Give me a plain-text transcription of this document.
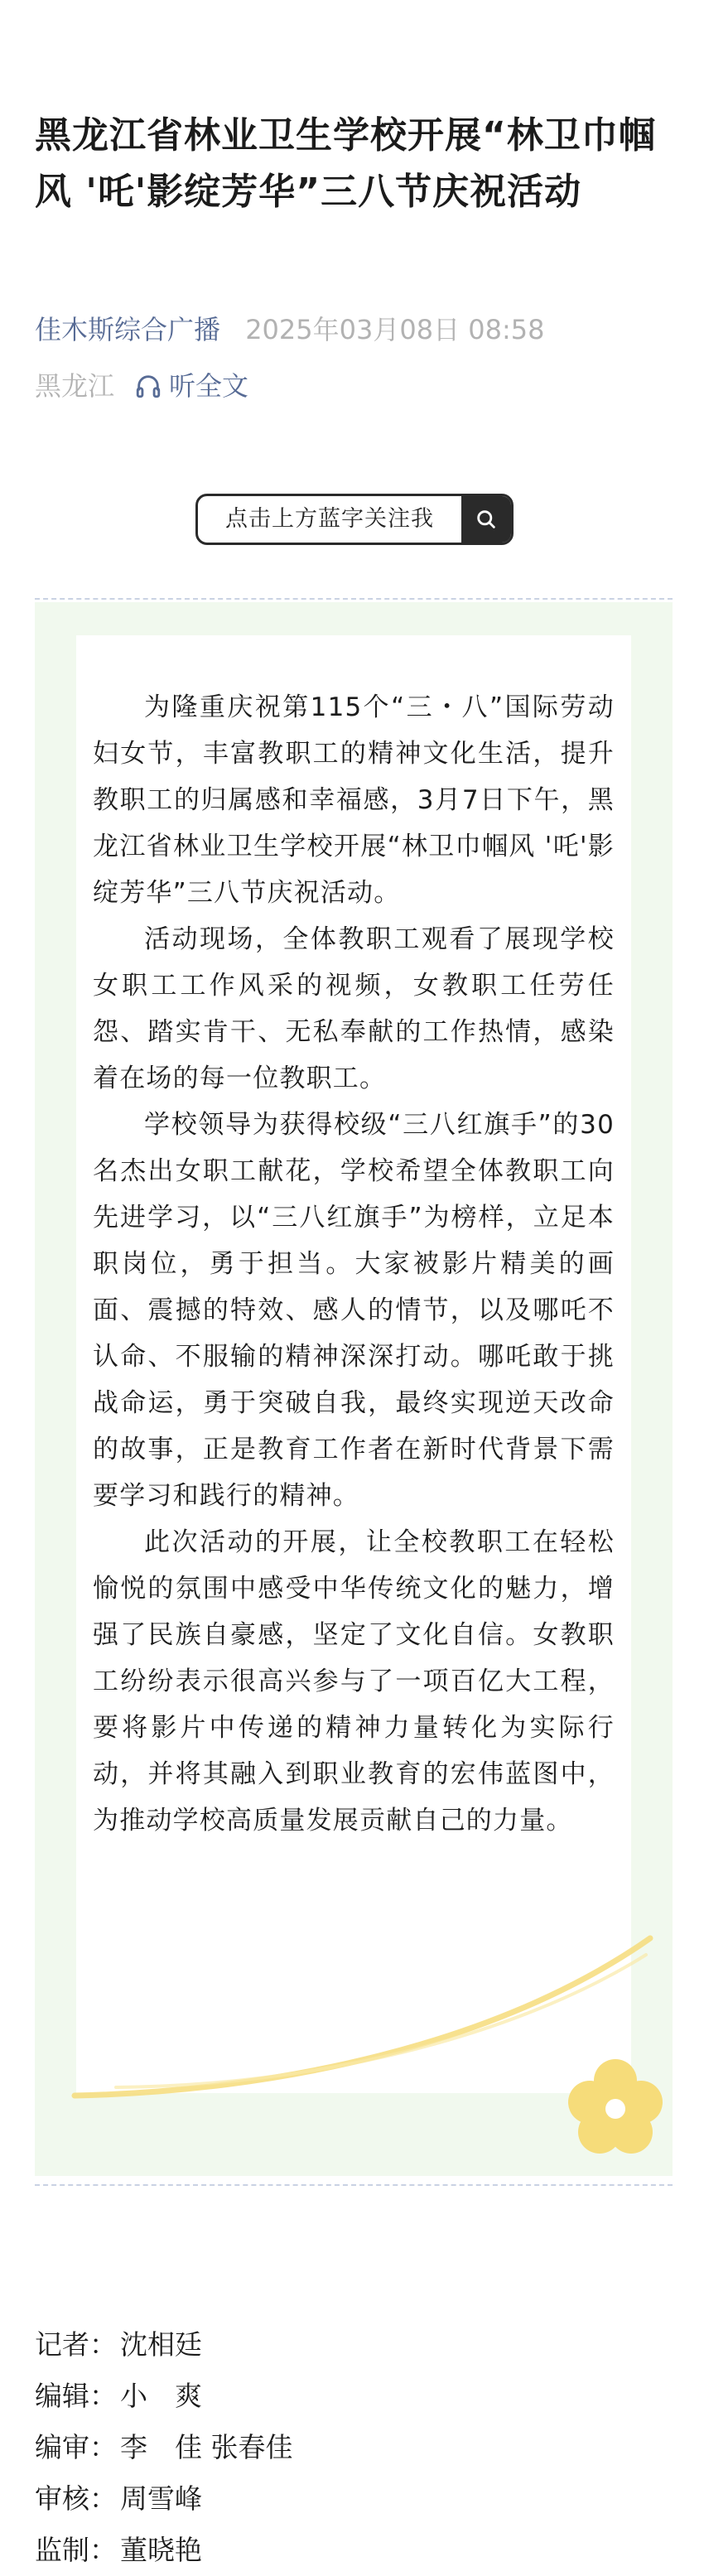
黑龙江省林业卫生学校开展“林卫巾帼风 '吒'影绽芳华”三八节庆祝活动
佳木斯综合广播 2025年03月08日 08:58
黑龙江 听全文
点击上方蓝字关注我

为隆重庆祝第115个“三・八”国际劳动妇女节，丰富教职工的精神文化生活，提升教职工的归属感和幸福感，3月7日下午，黑龙江省林业卫生学校开展“林卫巾帼风 '吒'影绽芳华”三八节庆祝活动。

活动现场，全体教职工观看了展现学校女职工工作风采的视频，女教职工任劳任怨、踏实肯干、无私奉献的工作热情，感染着在场的每一位教职工。

学校领导为获得校级“三八红旗手”的30名杰出女职工献花，学校希望全体教职工向先进学习，以“三八红旗手”为榜样，立足本职岗位，勇于担当。大家被影片精美的画面、震撼的特效、感人的情节，以及哪吒不认命、不服输的精神深深打动。哪吒敢于挑战命运，勇于突破自我，最终实现逆天改命的故事，正是教育工作者在新时代背景下需要学习和践行的精神。

此次活动的开展，让全校教职工在轻松愉悦的氛围中感受中华传统文化的魅力，增强了民族自豪感，坚定了文化自信。女教职工纷纷表示很高兴参与了一项百亿大工程，要将影片中传递的精神力量转化为实际行动，并将其融入到职业教育的宏伟蓝图中，为推动学校高质量发展贡献自己的力量。

记者： 沈相廷
编辑： 小　爽
编审： 李　佳 张春佳
审核： 周雪峰
监制： 董晓艳
